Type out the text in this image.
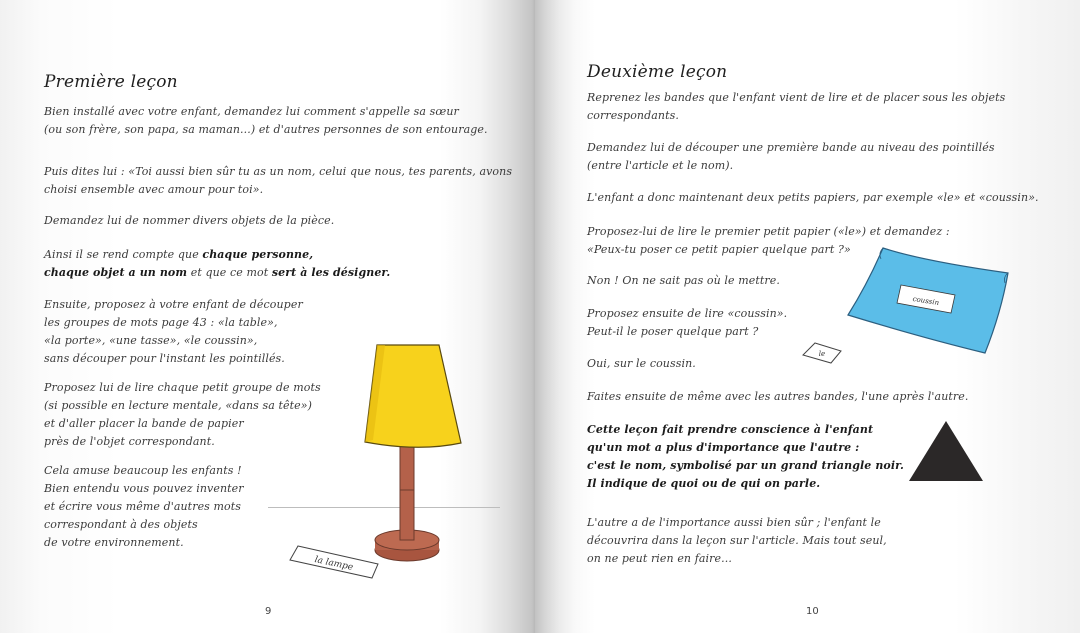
Première leçon

Bien installé avec votre enfant, demandez lui comment s'appelle sa sœur
(ou son frère, son papa, sa maman...) et d'autres personnes de son entourage.

Puis dites lui : «Toi aussi bien sûr tu as un nom, celui que nous, tes parents, avons
choisi ensemble avec amour pour toi».

Demandez lui de nommer divers objets de la pièce.

Ainsi il se rend compte que chaque personne,
chaque objet a un nom et que ce mot sert à les désigner.

Ensuite, proposez à votre enfant de découper
les groupes de mots page 43 : «la table»,
«la porte», «une tasse», «le coussin»,
sans découper pour l'instant les pointillés.

Proposez lui de lire chaque petit groupe de mots
(si possible en lecture mentale, «dans sa tête»)
et d'aller placer la bande de papier
près de l'objet correspondant.

Cela amuse beaucoup les enfants !
Bien entendu vous pouvez inventer
et écrire vous même d'autres mots
correspondant à des objets
de votre environnement.

la lampe
9
Deuxième leçon

Reprenez les bandes que l'enfant vient de lire et de placer sous les objets
correspondants.

Demandez lui de découper une première bande au niveau des pointillés
(entre l'article et le nom).

L'enfant a donc maintenant deux petits papiers, par exemple «le» et «coussin».

Proposez-lui de lire le premier petit papier («le») et demandez :
«Peux-tu poser ce petit papier quelque part ?»

Non ! On ne sait pas où le mettre.

Proposez ensuite de lire «coussin».
Peut-il le poser quelque part ?

Oui, sur le coussin.

Faites ensuite de même avec les autres bandes, l'une après l'autre.

Cette leçon fait prendre conscience à l'enfant
qu'un mot a plus d'importance que l'autre :
c'est le nom, symbolisé par un grand triangle noir.
Il indique de quoi ou de qui on parle.

L'autre a de l'importance aussi bien sûr ; l'enfant le
découvrira dans la leçon sur l'article. Mais tout seul,
on ne peut rien en faire...

coussin
le
10
